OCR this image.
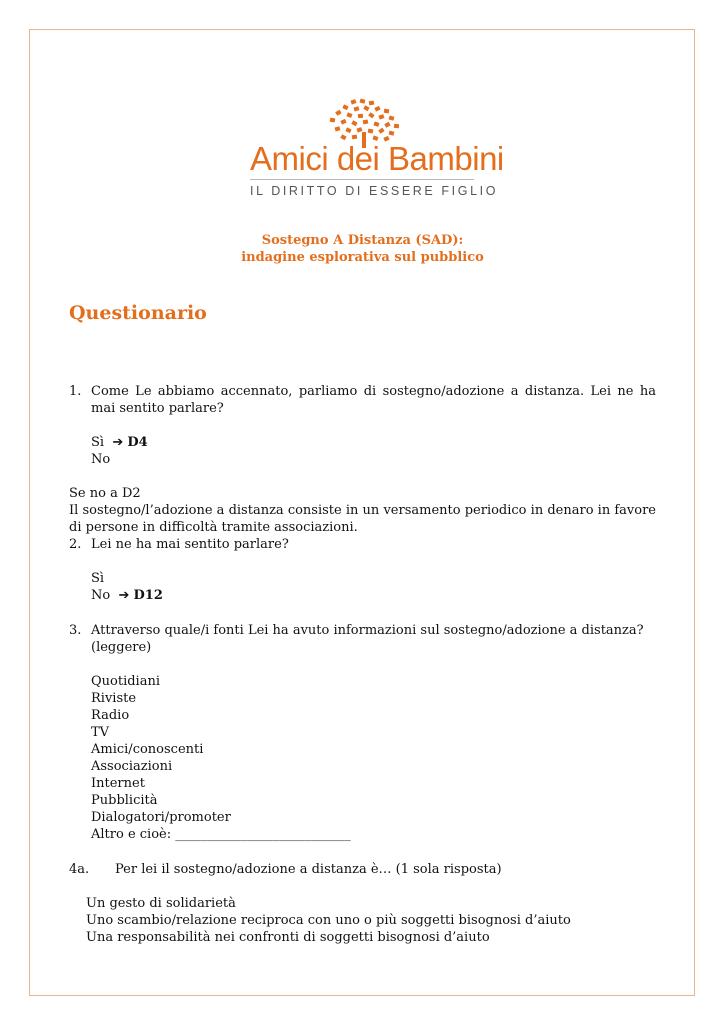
Amici dei Bambini
IL DIRITTO DI ESSERE FIGLIO
Sostegno A Distanza (SAD):
indagine esplorativa sul pubblico
Questionario
1. Come Le abbiamo accennato, parliamo di sostegno/adozione a distanza. Lei ne ha mai sentito parlare?
Sì  ➔ D4
No
Se no a D2
Il sostegno/l’adozione a distanza consiste in un versamento periodico in denaro in favore di persone in difficoltà tramite associazioni.
2. Lei ne ha mai sentito parlare?
Sì
No  ➔ D12
3. Attraverso quale/i fonti Lei ha avuto informazioni sul sostegno/adozione a distanza?
(leggere)
Quotidiani
Riviste
Radio
TV
Amici/conoscenti
Associazioni
Internet
Pubblicità
Dialogatori/promoter
Altro e cioè: ___________________________
4a. Per lei il sostegno/adozione a distanza è… (1 sola risposta)
Un gesto di solidarietà
Uno scambio/relazione reciproca con uno o più soggetti bisognosi d’aiuto
Una responsabilità nei confronti di soggetti bisognosi d’aiuto
